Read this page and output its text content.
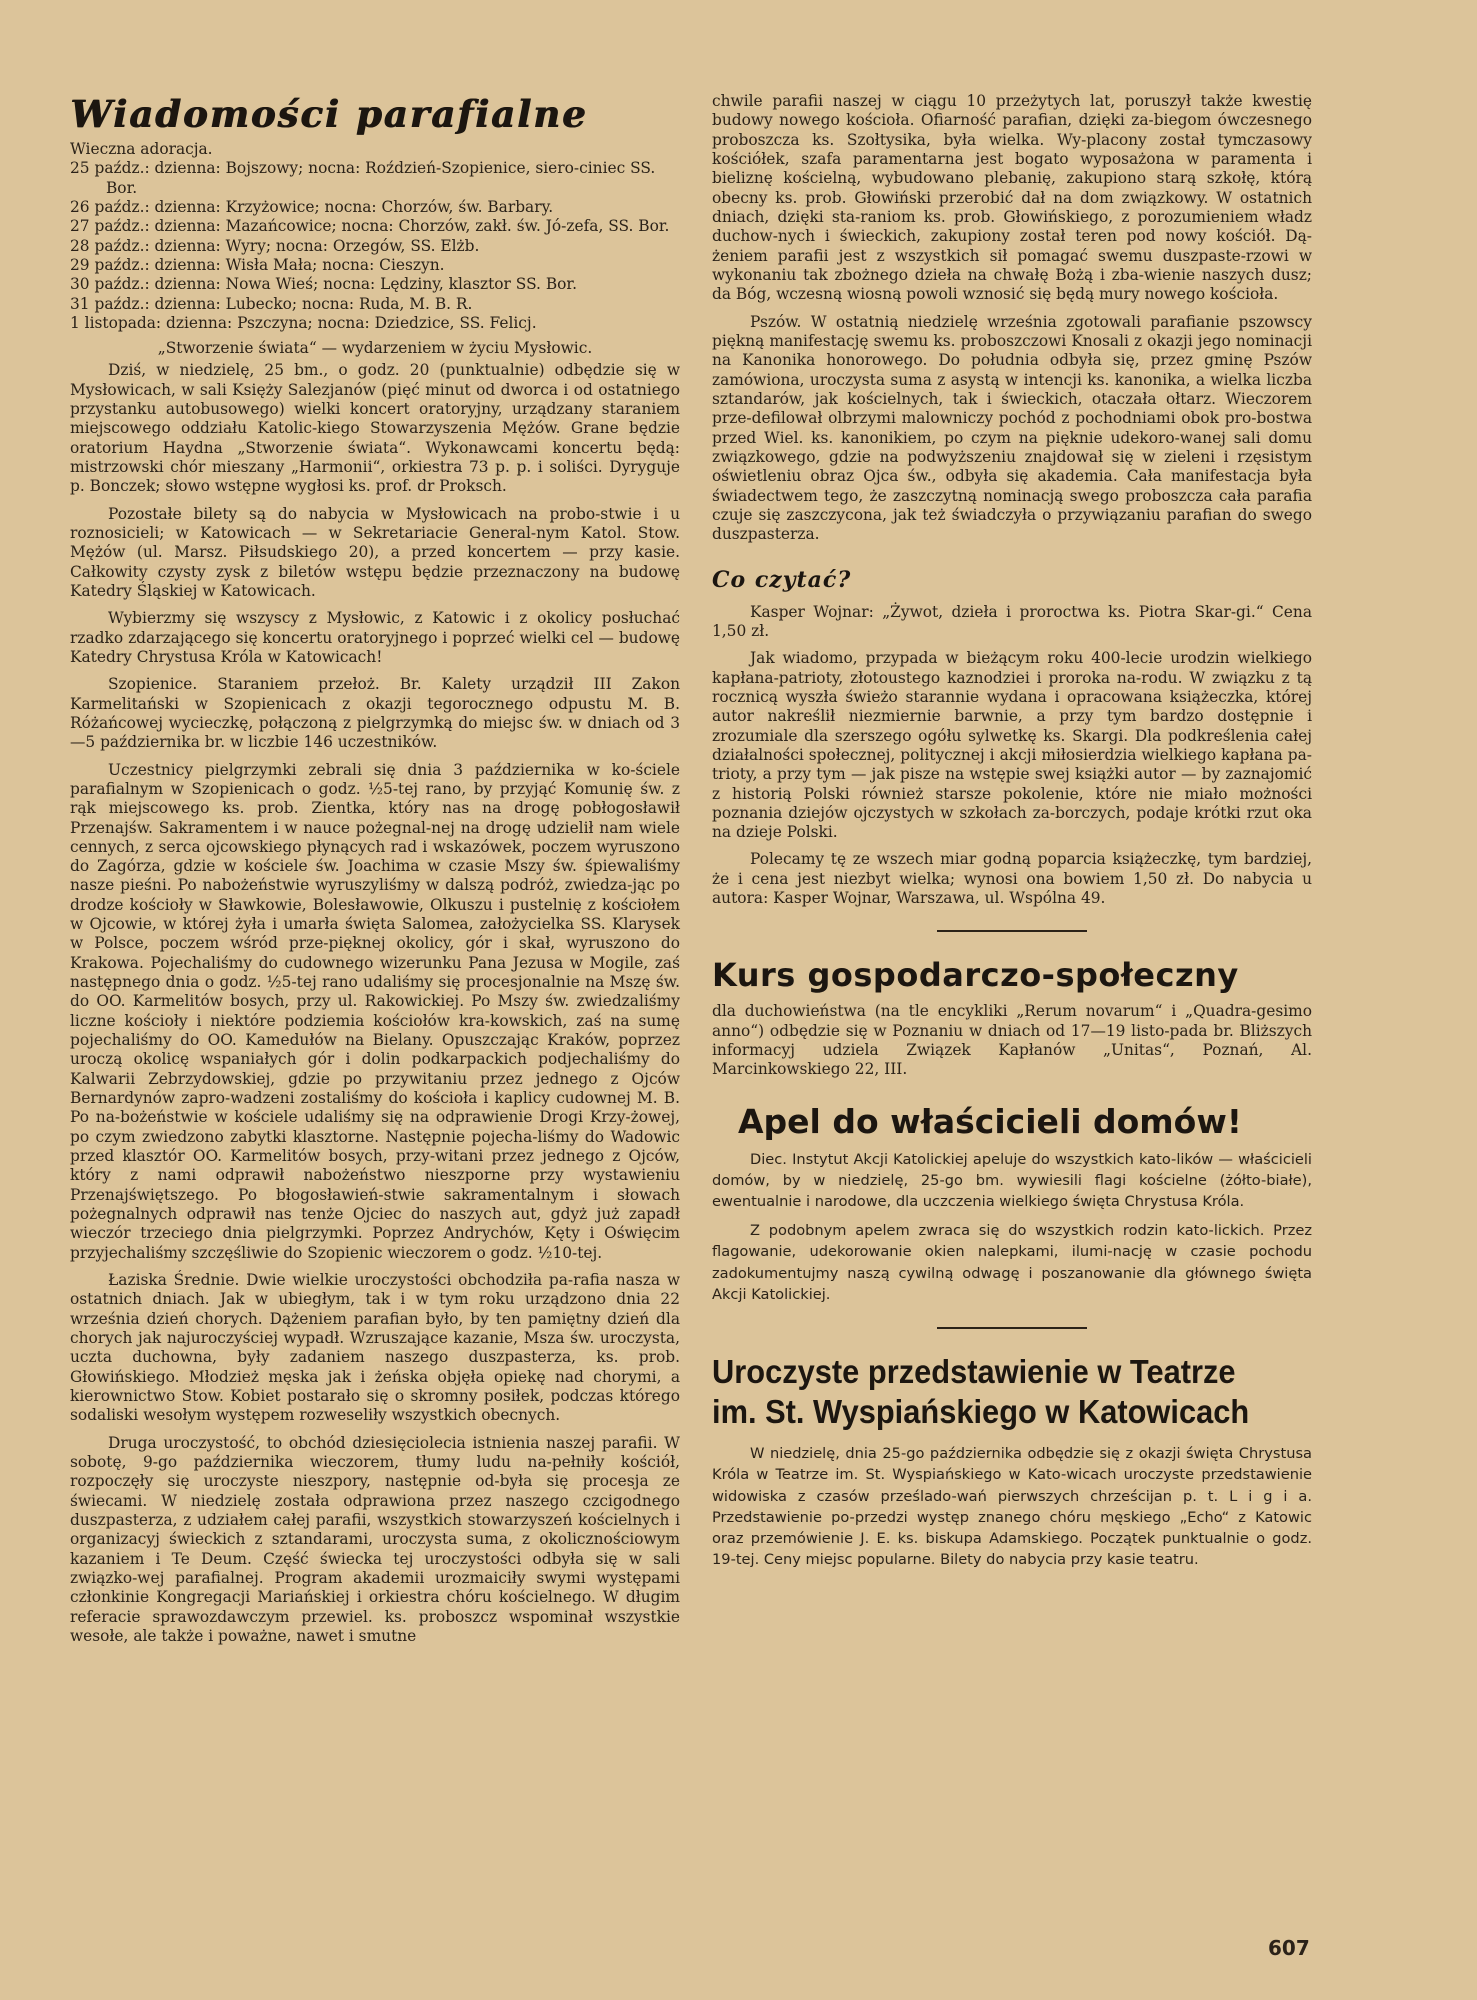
Wiadomości parafialne
Wieczna adoracja.
25 paźdz.: dzienna: Bojszowy; nocna: Roździeń-Szopienice, siero-ciniec SS. Bor.
26 paźdz.: dzienna: Krzyżowice; nocna: Chorzów, św. Barbary.
27 paźdz.: dzienna: Mazańcowice; nocna: Chorzów, zakł. św. Jó-zefa, SS. Bor.
28 paźdz.: dzienna: Wyry; nocna: Orzegów, SS. Elżb.
29 paźdz.: dzienna: Wisła Mała; nocna: Cieszyn.
30 paźdz.: dzienna: Nowa Wieś; nocna: Lędziny, klasztor SS. Bor.
31 paźdz.: dzienna: Lubecko; nocna: Ruda, M. B. R.
1 listopada: dzienna: Pszczyna; nocna: Dziedzice, SS. Felicj.
„Stworzenie świata“ — wydarzeniem w życiu Mysłowic.

Dziś, w niedzielę, 25 bm., o godz. 20 (punktualnie) odbędzie się w Mysłowicach, w sali Księży Salezjanów (pięć minut od dworca i od ostatniego przystanku autobusowego) wielki koncert oratoryjny, urządzany staraniem miejscowego oddziału Katolic-kiego Stowarzyszenia Mężów. Grane będzie oratorium Haydna „Stworzenie świata“. Wykonawcami koncertu będą: mistrzowski chór mieszany „Harmonii“, orkiestra 73 p. p. i soliści. Dyryguje p. Bonczek; słowo wstępne wygłosi ks. prof. dr Proksch.

Pozostałe bilety są do nabycia w Mysłowicach na probo-stwie i u roznosicieli; w Katowicach — w Sekretariacie General-nym Katol. Stow. Mężów (ul. Marsz. Piłsudskiego 20), a przed koncertem — przy kasie. Całkowity czysty zysk z biletów wstępu będzie przeznaczony na budowę Katedry Śląskiej w Katowicach.

Wybierzmy się wszyscy z Mysłowic, z Katowic i z okolicy posłuchać rzadko zdarzającego się koncertu oratoryjnego i poprzeć wielki cel — budowę Katedry Chrystusa Króla w Katowicach!

Szopienice. Staraniem przełoż. Br. Kalety urządził III Zakon Karmelitański w Szopienicach z okazji tegorocznego odpustu M. B. Różańcowej wycieczkę, połączoną z pielgrzymką do miejsc św. w dniach od 3—5 października br. w liczbie 146 uczestników.

Uczestnicy pielgrzymki zebrali się dnia 3 października w ko-ściele parafialnym w Szopienicach o godz. ½5-tej rano, by przyjąć Komunię św. z rąk miejscowego ks. prob. Zientka, który nas na drogę pobłogosławił Przenajśw. Sakramentem i w nauce pożegnal-nej na drogę udzielił nam wiele cennych, z serca ojcowskiego płynących rad i wskazówek, poczem wyruszono do Zagórza, gdzie w kościele św. Joachima w czasie Mszy św. śpiewaliśmy nasze pieśni. Po nabożeństwie wyruszyliśmy w dalszą podróż, zwiedza-jąc po drodze kościoły w Sławkowie, Bolesławowie, Olkuszu i pustelnię z kościołem w Ojcowie, w której żyła i umarła święta Salomea, założycielka SS. Klarysek w Polsce, poczem wśród prze-pięknej okolicy, gór i skał, wyruszono do Krakowa. Pojechaliśmy do cudownego wizerunku Pana Jezusa w Mogile, zaś następnego dnia o godz. ½5-tej rano udaliśmy się procesjonalnie na Mszę św. do OO. Karmelitów bosych, przy ul. Rakowickiej. Po Mszy św. zwiedzaliśmy liczne kościoły i niektóre podziemia kościołów kra-kowskich, zaś na sumę pojechaliśmy do OO. Kamedułów na Bielany. Opuszczając Kraków, poprzez uroczą okolicę wspaniałych gór i dolin podkarpackich podjechaliśmy do Kalwarii Zebrzydowskiej, gdzie po przywitaniu przez jednego z Ojców Bernardynów zapro-wadzeni zostaliśmy do kościoła i kaplicy cudownej M. B. Po na-bożeństwie w kościele udaliśmy się na odprawienie Drogi Krzy-żowej, po czym zwiedzono zabytki klasztorne. Następnie pojecha-liśmy do Wadowic przed klasztór OO. Karmelitów bosych, przy-witani przez jednego z Ojców, który z nami odprawił nabożeństwo nieszporne przy wystawieniu Przenajświętszego. Po błogosławień-stwie sakramentalnym i słowach pożegnalnych odprawił nas tenże Ojciec do naszych aut, gdyż już zapadł wieczór trzeciego dnia pielgrzymki. Poprzez Andrychów, Kęty i Oświęcim przyjechaliśmy szczęśliwie do Szopienic wieczorem o godz. ½10-tej.

Łaziska Średnie. Dwie wielkie uroczystości obchodziła pa-rafia nasza w ostatnich dniach. Jak w ubiegłym, tak i w tym roku urządzono dnia 22 września dzień chorych. Dążeniem parafian było, by ten pamiętny dzień dla chorych jak najuroczyściej wypadł. Wzruszające kazanie, Msza św. uroczysta, uczta duchowna, były zadaniem naszego duszpasterza, ks. prob. Głowińskiego. Młodzież męska jak i żeńska objęła opiekę nad chorymi, a kierownictwo Stow. Kobiet postarało się o skromny posiłek, podczas którego sodaliski wesołym występem rozweseliły wszystkich obecnych.

Druga uroczystość, to obchód dziesięciolecia istnienia naszej parafii. W sobotę, 9-go października wieczorem, tłumy ludu na-pełniły kościół, rozpoczęły się uroczyste nieszpory, następnie od-była się procesja ze świecami. W niedzielę została odprawiona przez naszego czcigodnego duszpasterza, z udziałem całej parafii, wszystkich stowarzyszeń kościelnych i organizacyj świeckich z sztandarami, uroczysta suma, z okolicznościowym kazaniem i Te Deum. Część świecka tej uroczystości odbyła się w sali związko-wej parafialnej. Program akademii urozmaiciły swymi występami członkinie Kongregacji Mariańskiej i orkiestra chóru kościelnego. W długim referacie sprawozdawczym przewiel. ks. proboszcz wspominał wszystkie wesołe, ale także i poważne, nawet i smutne

chwile parafii naszej w ciągu 10 przeżytych lat, poruszył także kwestię budowy nowego kościoła. Ofiarność parafian, dzięki za-biegom ówczesnego proboszcza ks. Szołtysika, była wielka. Wy-placony został tymczasowy kościółek, szafa paramentarna jest bogato wyposażona w paramenta i bieliznę kościelną, wybudowano plebanię, zakupiono starą szkołę, którą obecny ks. prob. Głowiński przerobić dał na dom związkowy. W ostatnich dniach, dzięki sta-raniom ks. prob. Głowińskiego, z porozumieniem władz duchow-nych i świeckich, zakupiony został teren pod nowy kościół. Dą-żeniem parafii jest z wszystkich sił pomagać swemu duszpaste-rzowi w wykonaniu tak zbożnego dzieła na chwałę Bożą i zba-wienie naszych dusz; da Bóg, wczesną wiosną powoli wznosić się będą mury nowego kościoła.

Pszów. W ostatnią niedzielę września zgotowali parafianie pszowscy piękną manifestację swemu ks. proboszczowi Knosali z okazji jego nominacji na Kanonika honorowego. Do południa odbyła się, przez gminę Pszów zamówiona, uroczysta suma z asystą w intencji ks. kanonika, a wielka liczba sztandarów, jak kościelnych, tak i świeckich, otaczała ołtarz. Wieczorem prze-defilował olbrzymi malowniczy pochód z pochodniami obok pro-bostwa przed Wiel. ks. kanonikiem, po czym na pięknie udekoro-wanej sali domu związkowego, gdzie na podwyższeniu znajdował się w zieleni i rzęsistym oświetleniu obraz Ojca św., odbyła się akademia. Cała manifestacja była świadectwem tego, że zaszczytną nominacją swego proboszcza cała parafia czuje się zaszczycona, jak też świadczyła o przywiązaniu parafian do swego duszpasterza.

Co czytać?

Kasper Wojnar: „Żywot, dzieła i proroctwa ks. Piotra Skar-gi.“ Cena 1,50 zł.

Jak wiadomo, przypada w bieżącym roku 400-lecie urodzin wielkiego kapłana-patrioty, złotoustego kaznodziei i proroka na-rodu. W związku z tą rocznicą wyszła świeżo starannie wydana i opracowana książeczka, której autor nakreślił niezmiernie barwnie, a przy tym bardzo dostępnie i zrozumiale dla szerszego ogółu sylwetkę ks. Skargi. Dla podkreślenia całej działalności społecznej, politycznej i akcji miłosierdzia wielkiego kapłana pa-trioty, a przy tym — jak pisze na wstępie swej książki autor — by zaznajomić z historią Polski również starsze pokolenie, które nie miało możności poznania dziejów ojczystych w szkołach za-borczych, podaje krótki rzut oka na dzieje Polski.

Polecamy tę ze wszech miar godną poparcia książeczkę, tym bardziej, że i cena jest niezbyt wielka; wynosi ona bowiem 1,50 zł. Do nabycia u autora: Kasper Wojnar, Warszawa, ul. Wspólna 49.

Kurs gospodarczo-społeczny

dla duchowieństwa (na tle encykliki „Rerum novarum“ i „Quadra-gesimo anno“) odbędzie się w Poznaniu w dniach od 17—19 listo-pada br. Bliższych informacyj udziela Związek Kapłanów „Unitas“, Poznań, Al. Marcinkowskiego 22, III.

Apel do właścicieli domów!

Diec. Instytut Akcji Katolickiej apeluje do wszystkich kato-lików — właścicieli domów, by w niedzielę, 25-go bm. wywiesili flagi kościelne (żółto-białe), ewentualnie i narodowe, dla uczczenia wielkiego święta Chrystusa Króla.

Z podobnym apelem zwraca się do wszystkich rodzin kato-lickich. Przez flagowanie, udekorowanie okien nalepkami, ilumi-nację w czasie pochodu zadokumentujmy naszą cywilną odwagę i poszanowanie dla głównego święta Akcji Katolickiej.

Uroczyste przedstawienie w Teatrze
im. St. Wyspiańskiego w Katowicach

W niedzielę, dnia 25-go października odbędzie się z okazji święta Chrystusa Króla w Teatrze im. St. Wyspiańskiego w Kato-wicach uroczyste przedstawienie widowiska z czasów prześlado-wań pierwszych chrześcijan p. t. L i g i a. Przedstawienie po-przedzi występ znanego chóru męskiego „Echo“ z Katowic oraz przemówienie J. E. ks. biskupa Adamskiego. Początek punktualnie o godz. 19-tej. Ceny miejsc popularne. Bilety do nabycia przy kasie teatru.

607
